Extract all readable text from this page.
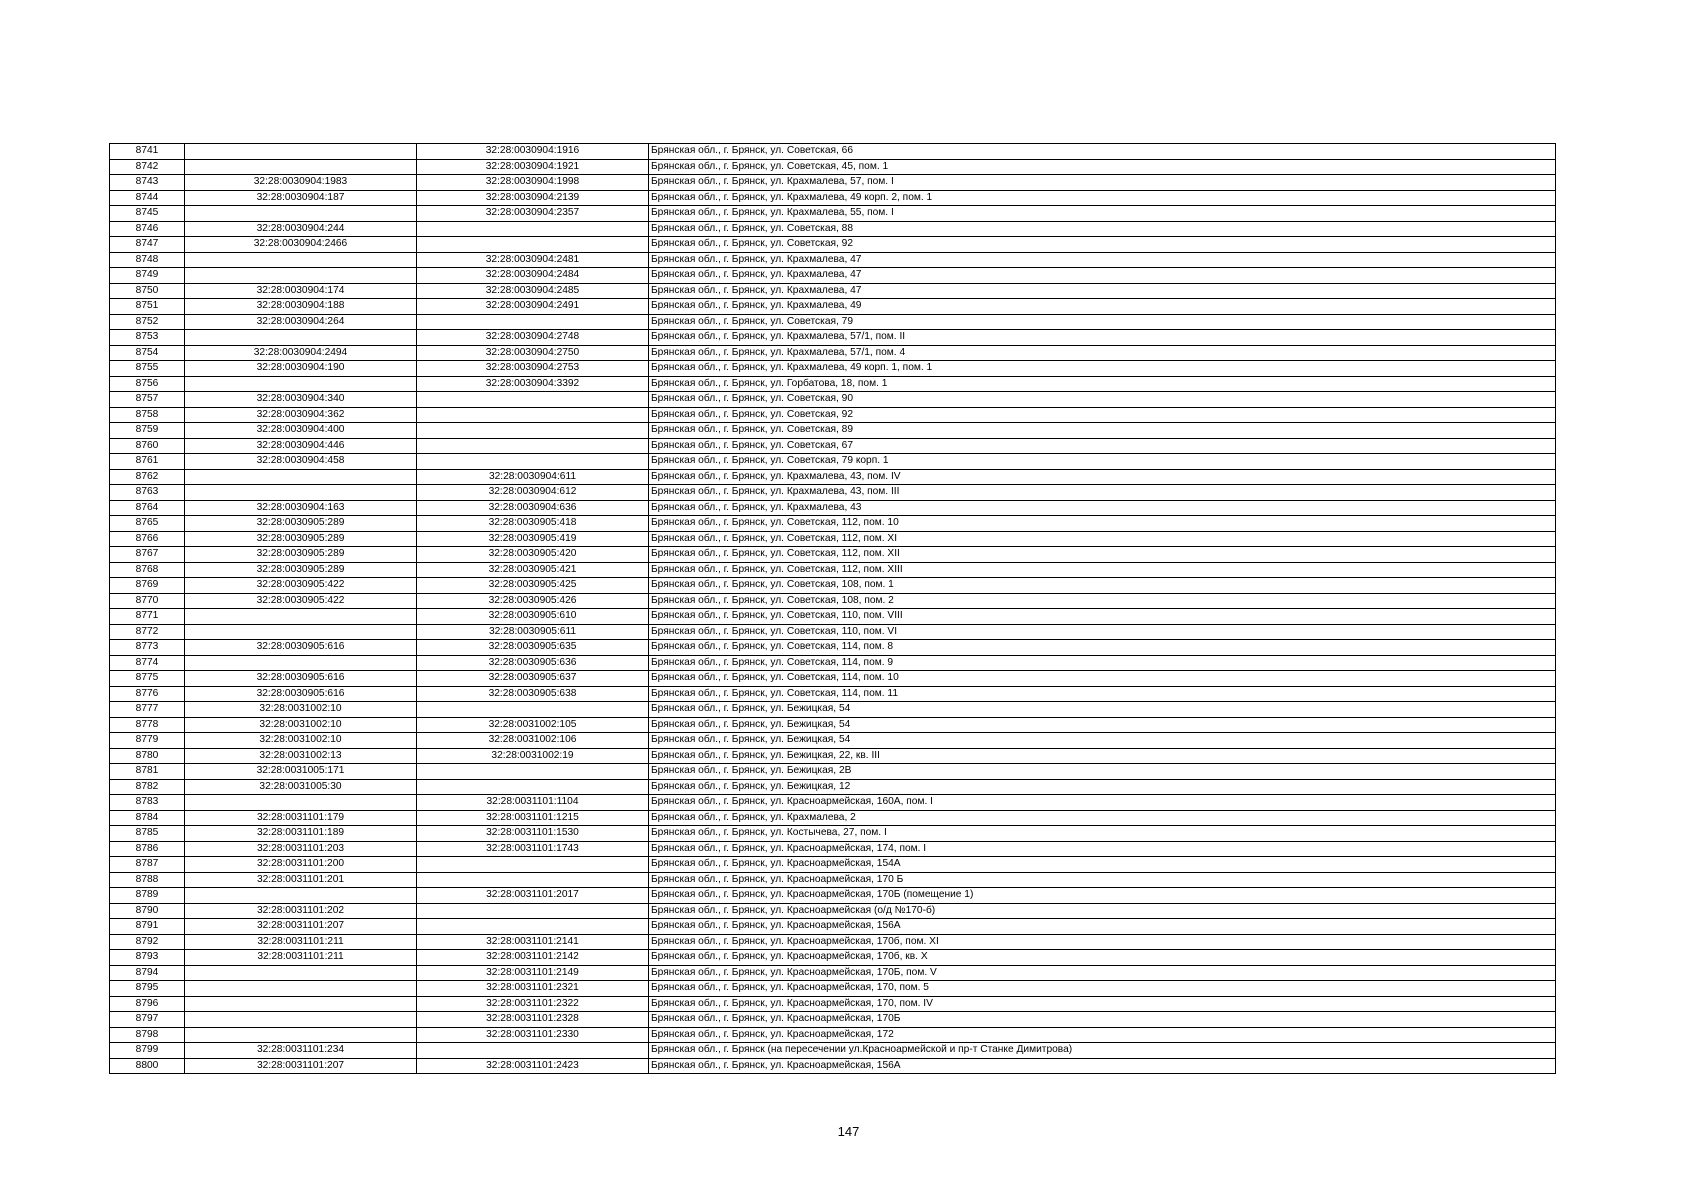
8741		32:28:0030904:1916	Брянская обл., г. Брянск, ул. Советская, 66
8742		32:28:0030904:1921	Брянская обл., г. Брянск, ул. Советская, 45, пом. 1
8743	32:28:0030904:1983	32:28:0030904:1998	Брянская обл., г. Брянск, ул. Крахмалева, 57, пом. I
8744	32:28:0030904:187	32:28:0030904:2139	Брянская обл., г. Брянск, ул. Крахмалева, 49 корп. 2, пом. 1
8745		32:28:0030904:2357	Брянская обл., г. Брянск, ул. Крахмалева, 55, пом. I
8746	32:28:0030904:244		Брянская обл., г. Брянск, ул. Советская, 88
8747	32:28:0030904:2466		Брянская обл., г. Брянск, ул. Советская, 92
8748		32:28:0030904:2481	Брянская обл., г. Брянск, ул. Крахмалева, 47
8749		32:28:0030904:2484	Брянская обл., г. Брянск, ул. Крахмалева, 47
8750	32:28:0030904:174	32:28:0030904:2485	Брянская обл., г. Брянск, ул. Крахмалева, 47
8751	32:28:0030904:188	32:28:0030904:2491	Брянская обл., г. Брянск, ул. Крахмалева, 49
8752	32:28:0030904:264		Брянская обл., г. Брянск, ул. Советская, 79
8753		32:28:0030904:2748	Брянская обл., г. Брянск, ул. Крахмалева, 57/1, пом. II
8754	32:28:0030904:2494	32:28:0030904:2750	Брянская обл., г. Брянск, ул. Крахмалева, 57/1, пом. 4
8755	32:28:0030904:190	32:28:0030904:2753	Брянская обл., г. Брянск, ул. Крахмалева, 49 корп. 1, пом. 1
8756		32:28:0030904:3392	Брянская обл., г. Брянск, ул. Горбатова, 18, пом. 1
8757	32:28:0030904:340		Брянская обл., г. Брянск, ул. Советская, 90
8758	32:28:0030904:362		Брянская обл., г. Брянск, ул. Советская, 92
8759	32:28:0030904:400		Брянская обл., г. Брянск, ул. Советская, 89
8760	32:28:0030904:446		Брянская обл., г. Брянск, ул. Советская, 67
8761	32:28:0030904:458		Брянская обл., г. Брянск, ул. Советская, 79 корп. 1
8762		32:28:0030904:611	Брянская обл., г. Брянск, ул. Крахмалева, 43, пом. IV
8763		32:28:0030904:612	Брянская обл., г. Брянск, ул. Крахмалева, 43, пом. III
8764	32:28:0030904:163	32:28:0030904:636	Брянская обл., г. Брянск, ул. Крахмалева, 43
8765	32:28:0030905:289	32:28:0030905:418	Брянская обл., г. Брянск, ул. Советская, 112, пом. 10
8766	32:28:0030905:289	32:28:0030905:419	Брянская обл., г. Брянск, ул. Советская, 112, пом. XI
8767	32:28:0030905:289	32:28:0030905:420	Брянская обл., г. Брянск, ул. Советская, 112, пом. XII
8768	32:28:0030905:289	32:28:0030905:421	Брянская обл., г. Брянск, ул. Советская, 112, пом. XIII
8769	32:28:0030905:422	32:28:0030905:425	Брянская обл., г. Брянск, ул. Советская, 108, пом. 1
8770	32:28:0030905:422	32:28:0030905:426	Брянская обл., г. Брянск, ул. Советская, 108, пом. 2
8771		32:28:0030905:610	Брянская обл., г. Брянск, ул. Советская, 110, пом. VIII
8772		32:28:0030905:611	Брянская обл., г. Брянск, ул. Советская, 110, пом. VI
8773	32:28:0030905:616	32:28:0030905:635	Брянская обл., г. Брянск, ул. Советская, 114, пом. 8
8774		32:28:0030905:636	Брянская обл., г. Брянск, ул. Советская, 114, пом. 9
8775	32:28:0030905:616	32:28:0030905:637	Брянская обл., г. Брянск, ул. Советская, 114, пом. 10
8776	32:28:0030905:616	32:28:0030905:638	Брянская обл., г. Брянск, ул. Советская, 114, пом. 11
8777	32:28:0031002:10		Брянская обл., г. Брянск, ул. Бежицкая, 54
8778	32:28:0031002:10	32:28:0031002:105	Брянская обл., г. Брянск, ул. Бежицкая, 54
8779	32:28:0031002:10	32:28:0031002:106	Брянская обл., г. Брянск, ул. Бежицкая, 54
8780	32:28:0031002:13	32:28:0031002:19	Брянская обл., г. Брянск, ул. Бежицкая, 22, кв. III
8781	32:28:0031005:171		Брянская обл., г. Брянск, ул. Бежицкая, 2В
8782	32:28:0031005:30		Брянская обл., г. Брянск, ул. Бежицкая, 12
8783		32:28:0031101:1104	Брянская обл., г. Брянск, ул. Красноармейская, 160А, пом. I
8784	32:28:0031101:179	32:28:0031101:1215	Брянская обл., г. Брянск, ул. Крахмалева, 2
8785	32:28:0031101:189	32:28:0031101:1530	Брянская обл., г. Брянск, ул. Костычева, 27, пом. I
8786	32:28:0031101:203	32:28:0031101:1743	Брянская обл., г. Брянск, ул. Красноармейская, 174, пом. I
8787	32:28:0031101:200		Брянская обл., г. Брянск, ул. Красноармейская, 154А
8788	32:28:0031101:201		Брянская обл., г. Брянск, ул. Красноармейская, 170 Б
8789		32:28:0031101:2017	Брянская обл., г. Брянск, ул. Красноармейская, 170Б (помещение 1)
8790	32:28:0031101:202		Брянская обл., г. Брянск, ул. Красноармейская (о/д №170-б)
8791	32:28:0031101:207		Брянская обл., г. Брянск, ул. Красноармейская, 156А
8792	32:28:0031101:211	32:28:0031101:2141	Брянская обл., г. Брянск, ул. Красноармейская, 170б, пом. XI
8793	32:28:0031101:211	32:28:0031101:2142	Брянская обл., г. Брянск, ул. Красноармейская, 170б, кв. X
8794		32:28:0031101:2149	Брянская обл., г. Брянск, ул. Красноармейская, 170Б, пом. V
8795		32:28:0031101:2321	Брянская обл., г. Брянск, ул. Красноармейская, 170, пом. 5
8796		32:28:0031101:2322	Брянская обл., г. Брянск, ул. Красноармейская, 170, пом. IV
8797		32:28:0031101:2328	Брянская обл., г. Брянск, ул. Красноармейская, 170Б
8798		32:28:0031101:2330	Брянская обл., г. Брянск, ул. Красноармейская, 172
8799	32:28:0031101:234		Брянская обл., г. Брянск (на пересечении ул.Красноармейской и пр-т Станке Димитрова)
8800	32:28:0031101:207	32:28:0031101:2423	Брянская обл., г. Брянск, ул. Красноармейская, 156А
147
